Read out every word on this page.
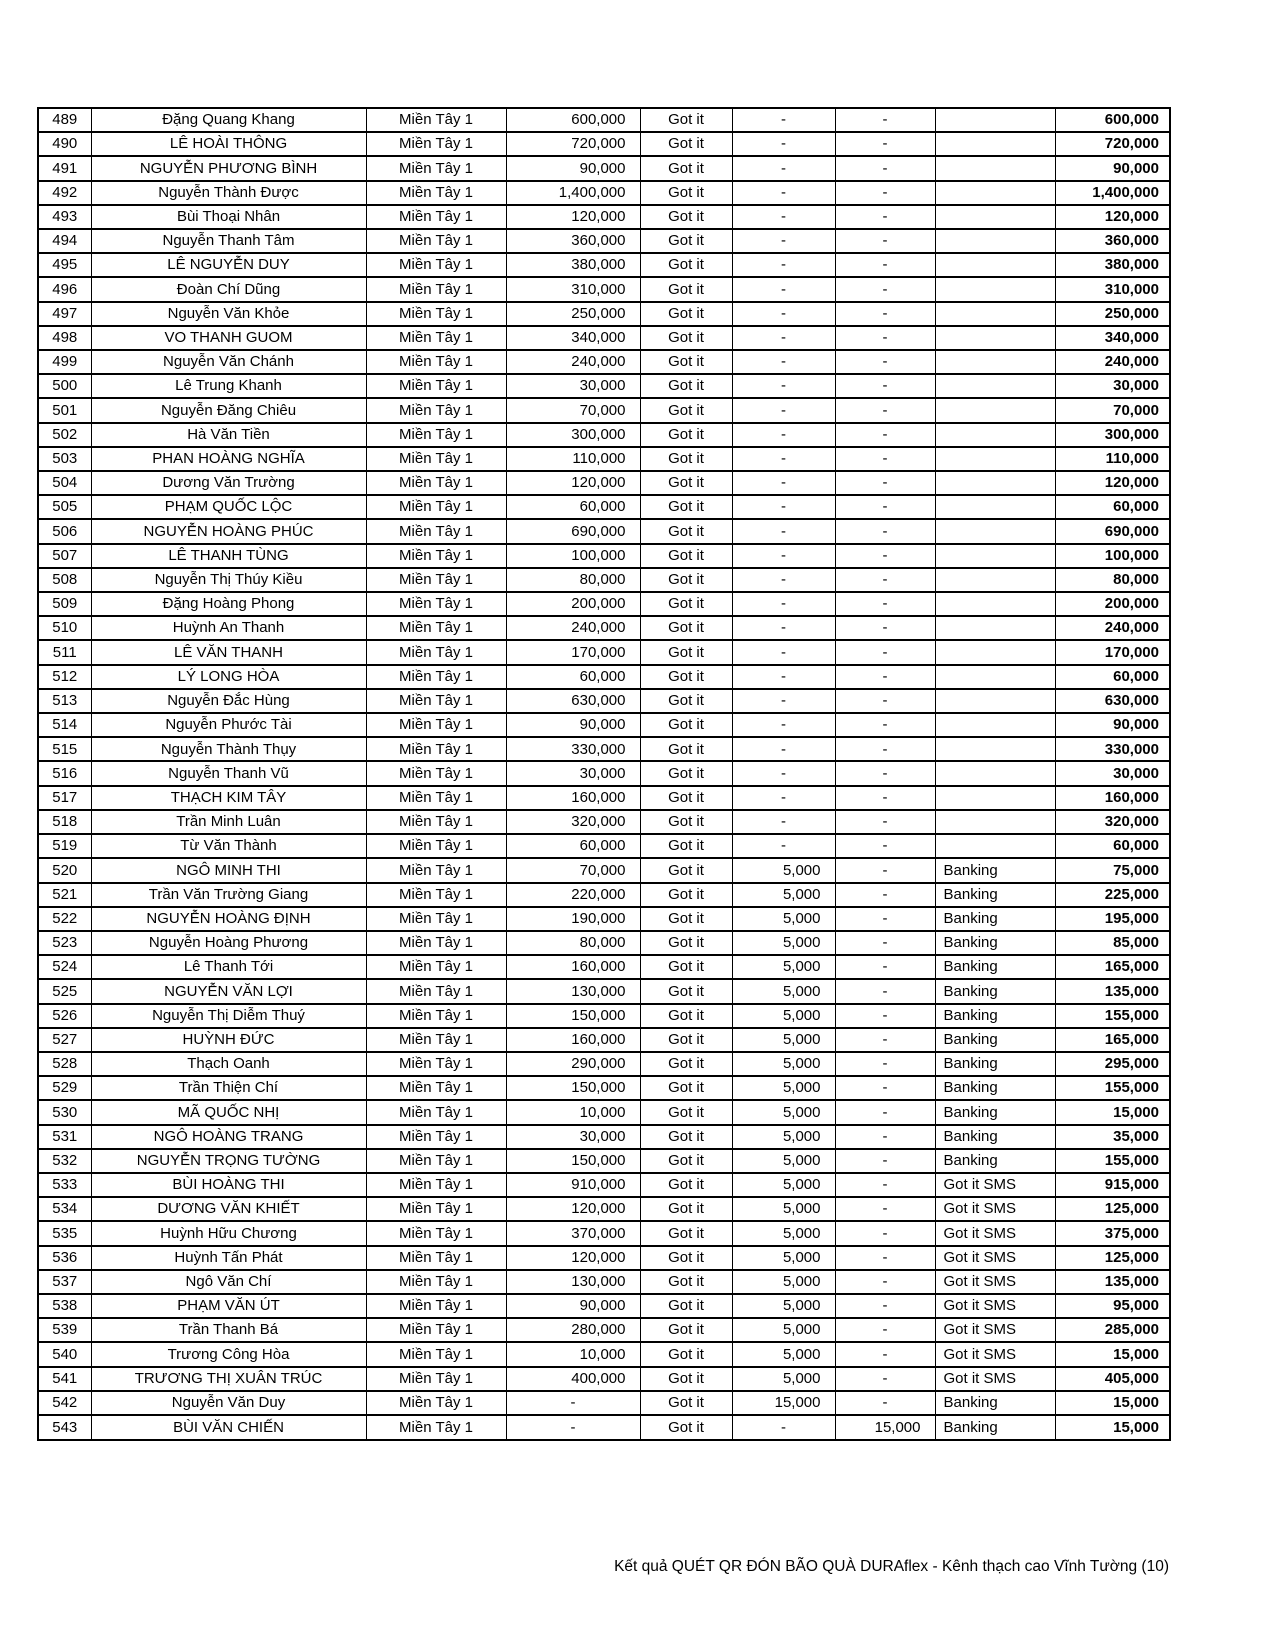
489	Đặng Quang Khang	Miền Tây 1	600,000	Got it	-	-		600,000
490	LÊ HOÀI THÔNG	Miền Tây 1	720,000	Got it	-	-		720,000
491	NGUYỄN PHƯƠNG BÌNH	Miền Tây 1	90,000	Got it	-	-		90,000
492	Nguyễn Thành Được	Miền Tây 1	1,400,000	Got it	-	-		1,400,000
493	Bùi Thoại Nhân	Miền Tây 1	120,000	Got it	-	-		120,000
494	Nguyễn Thanh Tâm	Miền Tây 1	360,000	Got it	-	-		360,000
495	LÊ NGUYỄN DUY	Miền Tây 1	380,000	Got it	-	-		380,000
496	Đoàn Chí Dũng	Miền Tây 1	310,000	Got it	-	-		310,000
497	Nguyễn Văn Khỏe	Miền Tây 1	250,000	Got it	-	-		250,000
498	VO THANH GUOM	Miền Tây 1	340,000	Got it	-	-		340,000
499	Nguyễn Văn Chánh	Miền Tây 1	240,000	Got it	-	-		240,000
500	Lê Trung Khanh	Miền Tây 1	30,000	Got it	-	-		30,000
501	Nguyễn Đăng Chiêu	Miền Tây 1	70,000	Got it	-	-		70,000
502	Hà Văn Tiền	Miền Tây 1	300,000	Got it	-	-		300,000
503	PHAN HOÀNG NGHĨA	Miền Tây 1	110,000	Got it	-	-		110,000
504	Dương Văn Trường	Miền Tây 1	120,000	Got it	-	-		120,000
505	PHẠM QUỐC LỘC	Miền Tây 1	60,000	Got it	-	-		60,000
506	NGUYỄN HOÀNG PHÚC	Miền Tây 1	690,000	Got it	-	-		690,000
507	LÊ THANH TÙNG	Miền Tây 1	100,000	Got it	-	-		100,000
508	Nguyễn Thị Thúy Kiều	Miền Tây 1	80,000	Got it	-	-		80,000
509	Đặng Hoàng Phong	Miền Tây 1	200,000	Got it	-	-		200,000
510	Huỳnh An Thanh	Miền Tây 1	240,000	Got it	-	-		240,000
511	LÊ VĂN THANH	Miền Tây 1	170,000	Got it	-	-		170,000
512	LÝ LONG HÒA	Miền Tây 1	60,000	Got it	-	-		60,000
513	Nguyễn Đắc Hùng	Miền Tây 1	630,000	Got it	-	-		630,000
514	Nguyễn Phước Tài	Miền Tây 1	90,000	Got it	-	-		90,000
515	Nguyễn Thành Thụy	Miền Tây 1	330,000	Got it	-	-		330,000
516	Nguyễn Thanh Vũ	Miền Tây 1	30,000	Got it	-	-		30,000
517	THẠCH KIM TÂY	Miền Tây 1	160,000	Got it	-	-		160,000
518	Trần Minh Luân	Miền Tây 1	320,000	Got it	-	-		320,000
519	Từ Văn Thành	Miền Tây 1	60,000	Got it	-	-		60,000
520	NGÔ MINH THI	Miền Tây 1	70,000	Got it	5,000	-	Banking	75,000
521	Trần Văn Trường Giang	Miền Tây 1	220,000	Got it	5,000	-	Banking	225,000
522	NGUYỄN HOÀNG ĐỊNH	Miền Tây 1	190,000	Got it	5,000	-	Banking	195,000
523	Nguyễn Hoàng Phương	Miền Tây 1	80,000	Got it	5,000	-	Banking	85,000
524	Lê Thanh Tới	Miền Tây 1	160,000	Got it	5,000	-	Banking	165,000
525	NGUYỄN VĂN LỢI	Miền Tây 1	130,000	Got it	5,000	-	Banking	135,000
526	Nguyễn Thị Diễm Thuý	Miền Tây 1	150,000	Got it	5,000	-	Banking	155,000
527	HUỲNH ĐỨC	Miền Tây 1	160,000	Got it	5,000	-	Banking	165,000
528	Thạch Oanh	Miền Tây 1	290,000	Got it	5,000	-	Banking	295,000
529	Trần Thiện Chí	Miền Tây 1	150,000	Got it	5,000	-	Banking	155,000
530	MÃ QUỐC NHỊ	Miền Tây 1	10,000	Got it	5,000	-	Banking	15,000
531	NGÔ HOÀNG TRANG	Miền Tây 1	30,000	Got it	5,000	-	Banking	35,000
532	NGUYỄN TRỌNG TƯỜNG	Miền Tây 1	150,000	Got it	5,000	-	Banking	155,000
533	BÙI HOÀNG THI	Miền Tây 1	910,000	Got it	5,000	-	Got it SMS	915,000
534	DƯƠNG VĂN KHIẾT	Miền Tây 1	120,000	Got it	5,000	-	Got it SMS	125,000
535	Huỳnh Hữu Chương	Miền Tây 1	370,000	Got it	5,000	-	Got it SMS	375,000
536	Huỳnh Tấn Phát	Miền Tây 1	120,000	Got it	5,000	-	Got it SMS	125,000
537	Ngô Văn Chí	Miền Tây 1	130,000	Got it	5,000	-	Got it SMS	135,000
538	PHẠM VĂN ÚT	Miền Tây 1	90,000	Got it	5,000	-	Got it SMS	95,000
539	Trần Thanh Bá	Miền Tây 1	280,000	Got it	5,000	-	Got it SMS	285,000
540	Trương Công Hòa	Miền Tây 1	10,000	Got it	5,000	-	Got it SMS	15,000
541	TRƯƠNG THỊ XUÂN TRÚC	Miền Tây 1	400,000	Got it	5,000	-	Got it SMS	405,000
542	Nguyễn Văn Duy	Miền Tây 1	-	Got it	15,000	-	Banking	15,000
543	BÙI VĂN CHIẾN	Miền Tây 1	-	Got it	-	15,000	Banking	15,000
Kết quả QUÉT QR ĐÓN BÃO QUÀ DURAflex - Kênh thạch cao Vĩnh Tường (10)
